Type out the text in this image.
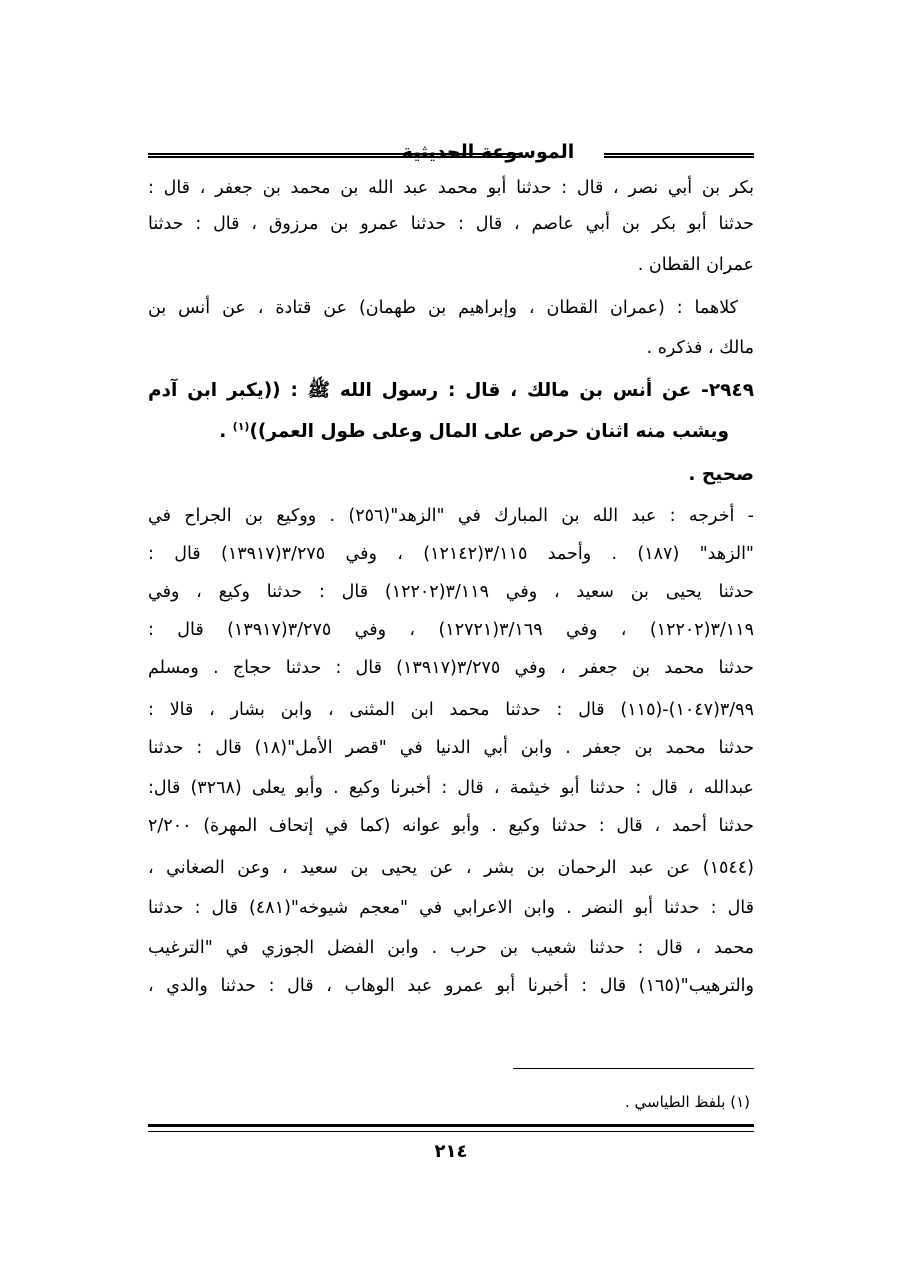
الموسوعة الحديثية
بكر بن أبي نصر ، قال : حدثنا أبو محمد عبد الله بن محمد بن جعفر ، قال :
حدثنا أبو بكر بن أبي عاصم ، قال : حدثنا عمرو بن مرزوق ، قال : حدثنا
عمران القطان .
كلاهما : (عمران القطان ، وإبراهيم بن طهمان) عن قتادة ، عن أنس بن
مالك ، فذكره .
٢٩٤٩- عن أنس بن مالك ، قال : رسول الله ﷺ : ((يكبر ابن آدم
ويشب منه اثنان حرص على المال وعلى طول العمر))$^{(١)}$ .
صحيح .
- أخرجه : عبد الله بن المبارك في "الزهد"(٢٥٦) . ووكيع بن الجراح في
"الزهد" (١٨٧) . وأحمد ٣/١١٥(١٢١٤٢) ، وفي ٣/٢٧٥(١٣٩١٧) قال :
حدثنا يحيى بن سعيد ، وفي ٣/١١٩(١٢٢٠٢) قال : حدثنا وكيع ، وفي
٣/١١٩(١٢٢٠٢) ، وفي ٣/١٦٩(١٢٧٢١) ، وفي ٣/٢٧٥(١٣٩١٧) قال :
حدثنا محمد بن جعفر ، وفي ٣/٢٧٥(١٣٩١٧) قال : حدثنا حجاج . ومسلم
٣/٩٩(١٠٤٧)-(١١٥) قال : حدثنا محمد ابن المثنى ، وابن بشار ، قالا :
حدثنا محمد بن جعفر . وابن أبي الدنيا في "قصر الأمل"(١٨) قال : حدثنا
عبدالله ، قال : حدثنا أبو خيثمة ، قال : أخبرنا وكيع . وأبو يعلى (٣٢٦٨) قال:
حدثنا أحمد ، قال : حدثنا وكيع . وأبو عوانه (كما في إتحاف المهرة) ٢/٢٠٠
(١٥٤٤) عن عبد الرحمان بن بشر ، عن يحيى بن سعيد ، وعن الصغاني ،
قال : حدثنا أبو النضر . وابن الاعرابي في "معجم شيوخه"(٤٨١) قال : حدثنا
محمد ، قال : حدثنا شعيب بن حرب . وابن الفضل الجوزي في "الترغيب
والترهيب"(١٦٥) قال : أخبرنا أبو عمرو عبد الوهاب ، قال : حدثنا والدي ،
(١) بلفظ الطياسي .
٢١٤
